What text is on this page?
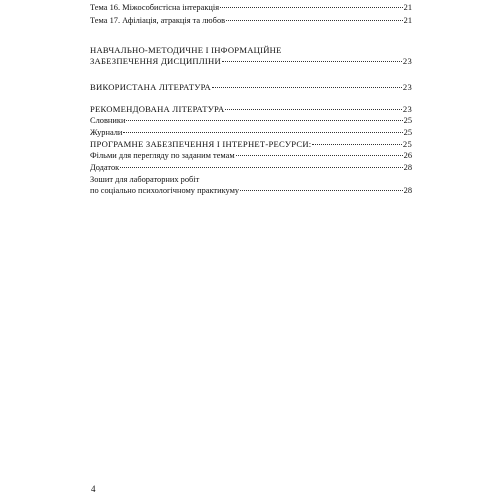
Тема 16. Міжособистісна інтеракція	21
Тема 17. Афіліація, атракція та любов	21
НАВЧАЛЬНО-МЕТОДИЧНЕ І ІНФОРМАЦІЙНЕ
ЗАБЕЗПЕЧЕННЯ ДИСЦИПЛІНИ	23
ВИКОРИСТАНА ЛІТЕРАТУРА	23
РЕКОМЕНДОВАНА ЛІТЕРАТУРА	23
Словники	25
Журнали	25
ПРОГРАМНЕ ЗАБЕЗПЕЧЕННЯ І ІНТЕРНЕТ-РЕСУРСИ:	25
Фільми для перегляду по заданим темам	26
Додаток	28
Зошит для лабораторних робіт
по соціально психологічному практикуму	28
4
